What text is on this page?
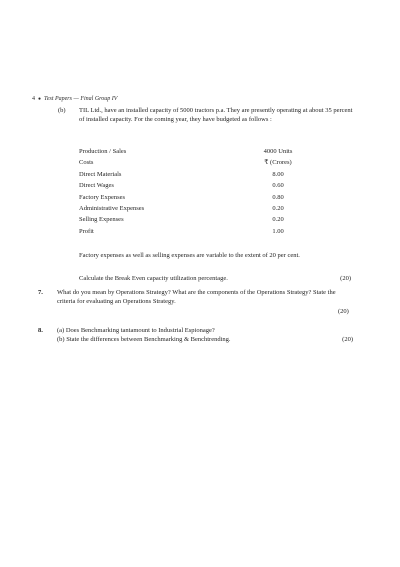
4 ● Test Papers — Final Group IV
(b) TIL Ltd., have an installed capacity of 5000 tractors p.a. They are presently operating at about 35 percent of installed capacity. For the coming year, they have budgeted as follows :
Production / Sales	4000 Units
Costs	₹ (Crores)
Direct Materials	8.00
Direct Wages	0.60
Factory Expenses	0.80
Administrative Expenses	0.20
Selling Expenses	0.20
Profit	1.00
Factory expenses as well as selling expenses are variable to the extent of 20 per cent.
Calculate the Break Even capacity utilization percentage.	(20)
7. What do you mean by Operations Strategy? What are the components of the Operations Strategy? State the criteria for evaluating an Operations Strategy.
(20)
8. (a) Does Benchmarking tantamount to Industrial Espionage?
(b) State the differences between Benchmarking & Benchtrending.	(20)
